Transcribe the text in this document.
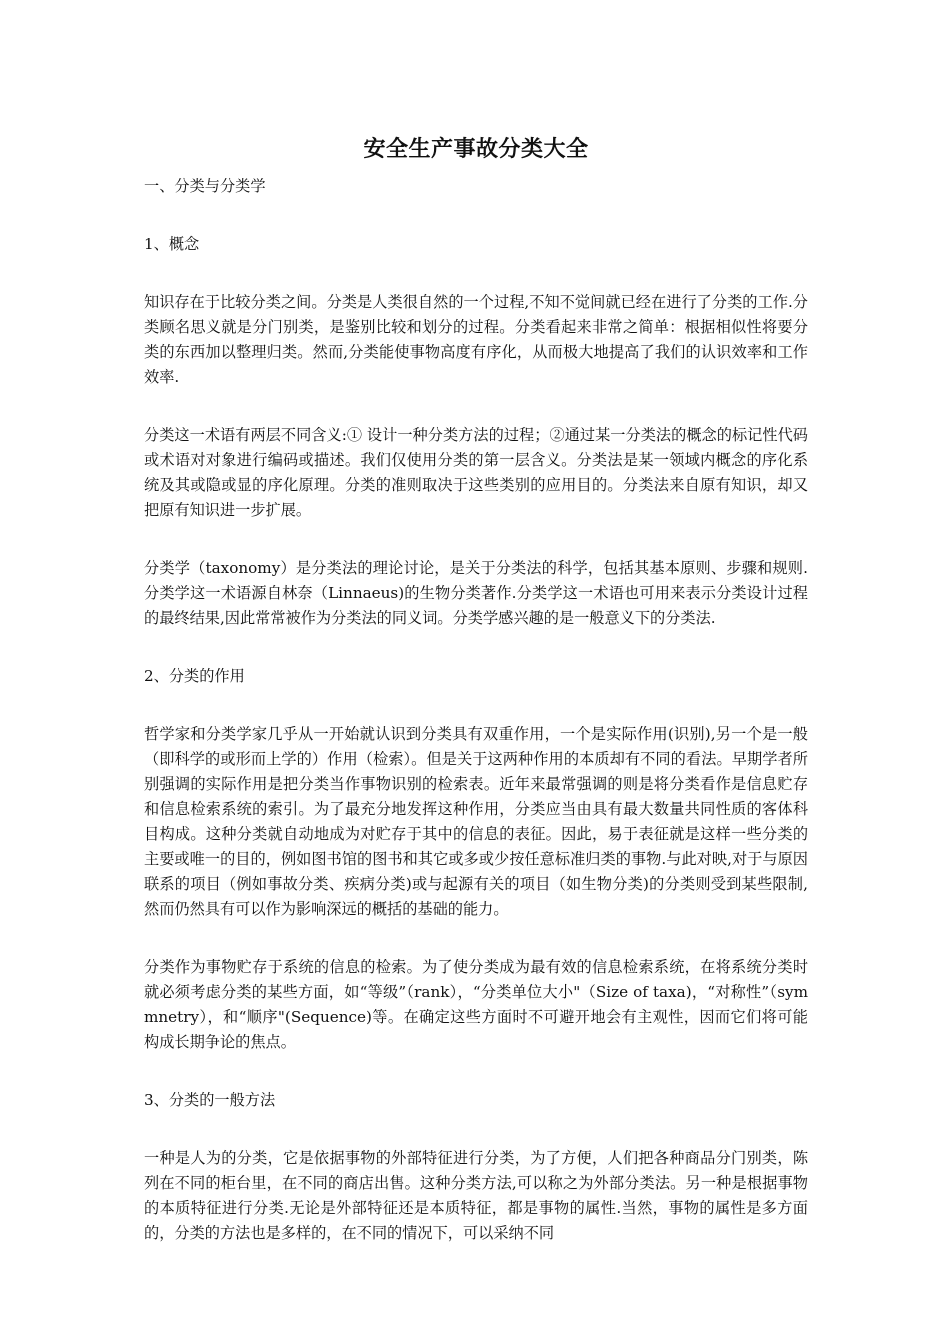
安全生产事故分类大全

一、分类与分类学

1、概念

知识存在于比较分类之间。分类是人类很自然的一个过程,不知不觉间就已经在进行了分类的工作.分类顾名思义就是分门别类，是鉴别比较和划分的过程。分类看起来非常之简单：根据相似性将要分类的东西加以整理归类。然而,分类能使事物高度有序化，从而极大地提高了我们的认识效率和工作效率.

分类这一术语有两层不同含义:① 设计一种分类方法的过程；②通过某一分类法的概念的标记性代码或术语对对象进行编码或描述。我们仅使用分类的第一层含义。分类法是某一领域内概念的序化系统及其或隐或显的序化原理。分类的准则取决于这些类别的应用目的。分类法来自原有知识，却又把原有知识进一步扩展。

分类学（taxonomy）是分类法的理论讨论，是关于分类法的科学，包括其基本原则、步骤和规则.分类学这一术语源自林奈（Linnaeus)的生物分类著作.分类学这一术语也可用来表示分类设计过程的最终结果,因此常常被作为分类法的同义词。分类学感兴趣的是一般意义下的分类法.

2、分类的作用

哲学家和分类学家几乎从一开始就认识到分类具有双重作用，一个是实际作用(识别),另一个是一般（即科学的或形而上学的）作用（检索）。但是关于这两种作用的本质却有不同的看法。早期学者所别强调的实际作用是把分类当作事物识别的检索表。近年来最常强调的则是将分类看作是信息贮存和信息检索系统的索引。为了最充分地发挥这种作用，分类应当由具有最大数量共同性质的客体科目构成。这种分类就自动地成为对贮存于其中的信息的表征。因此，易于表征就是这样一些分类的主要或唯一的目的，例如图书馆的图书和其它或多或少按任意标准归类的事物.与此对映,对于与原因联系的项目（例如事故分类、疾病分类)或与起源有关的项目（如生物分类)的分类则受到某些限制,然而仍然具有可以作为影响深远的概括的基础的能力。

分类作为事物贮存于系统的信息的检索。为了使分类成为最有效的信息检索系统，在将系统分类时就必须考虑分类的某些方面，如“等级”（rank），“分类单位大小"（Size of taxa)，“对称性”（symmnetry），和“顺序"(Sequence)等。在确定这些方面时不可避开地会有主观性，因而它们将可能构成长期争论的焦点。

3、分类的一般方法

一种是人为的分类，它是依据事物的外部特征进行分类，为了方便，人们把各种商品分门别类，陈列在不同的柜台里，在不同的商店出售。这种分类方法,可以称之为外部分类法。另一种是根据事物的本质特征进行分类.无论是外部特征还是本质特征，都是事物的属性.当然，事物的属性是多方面的，分类的方法也是多样的，在不同的情况下，可以采纳不同
